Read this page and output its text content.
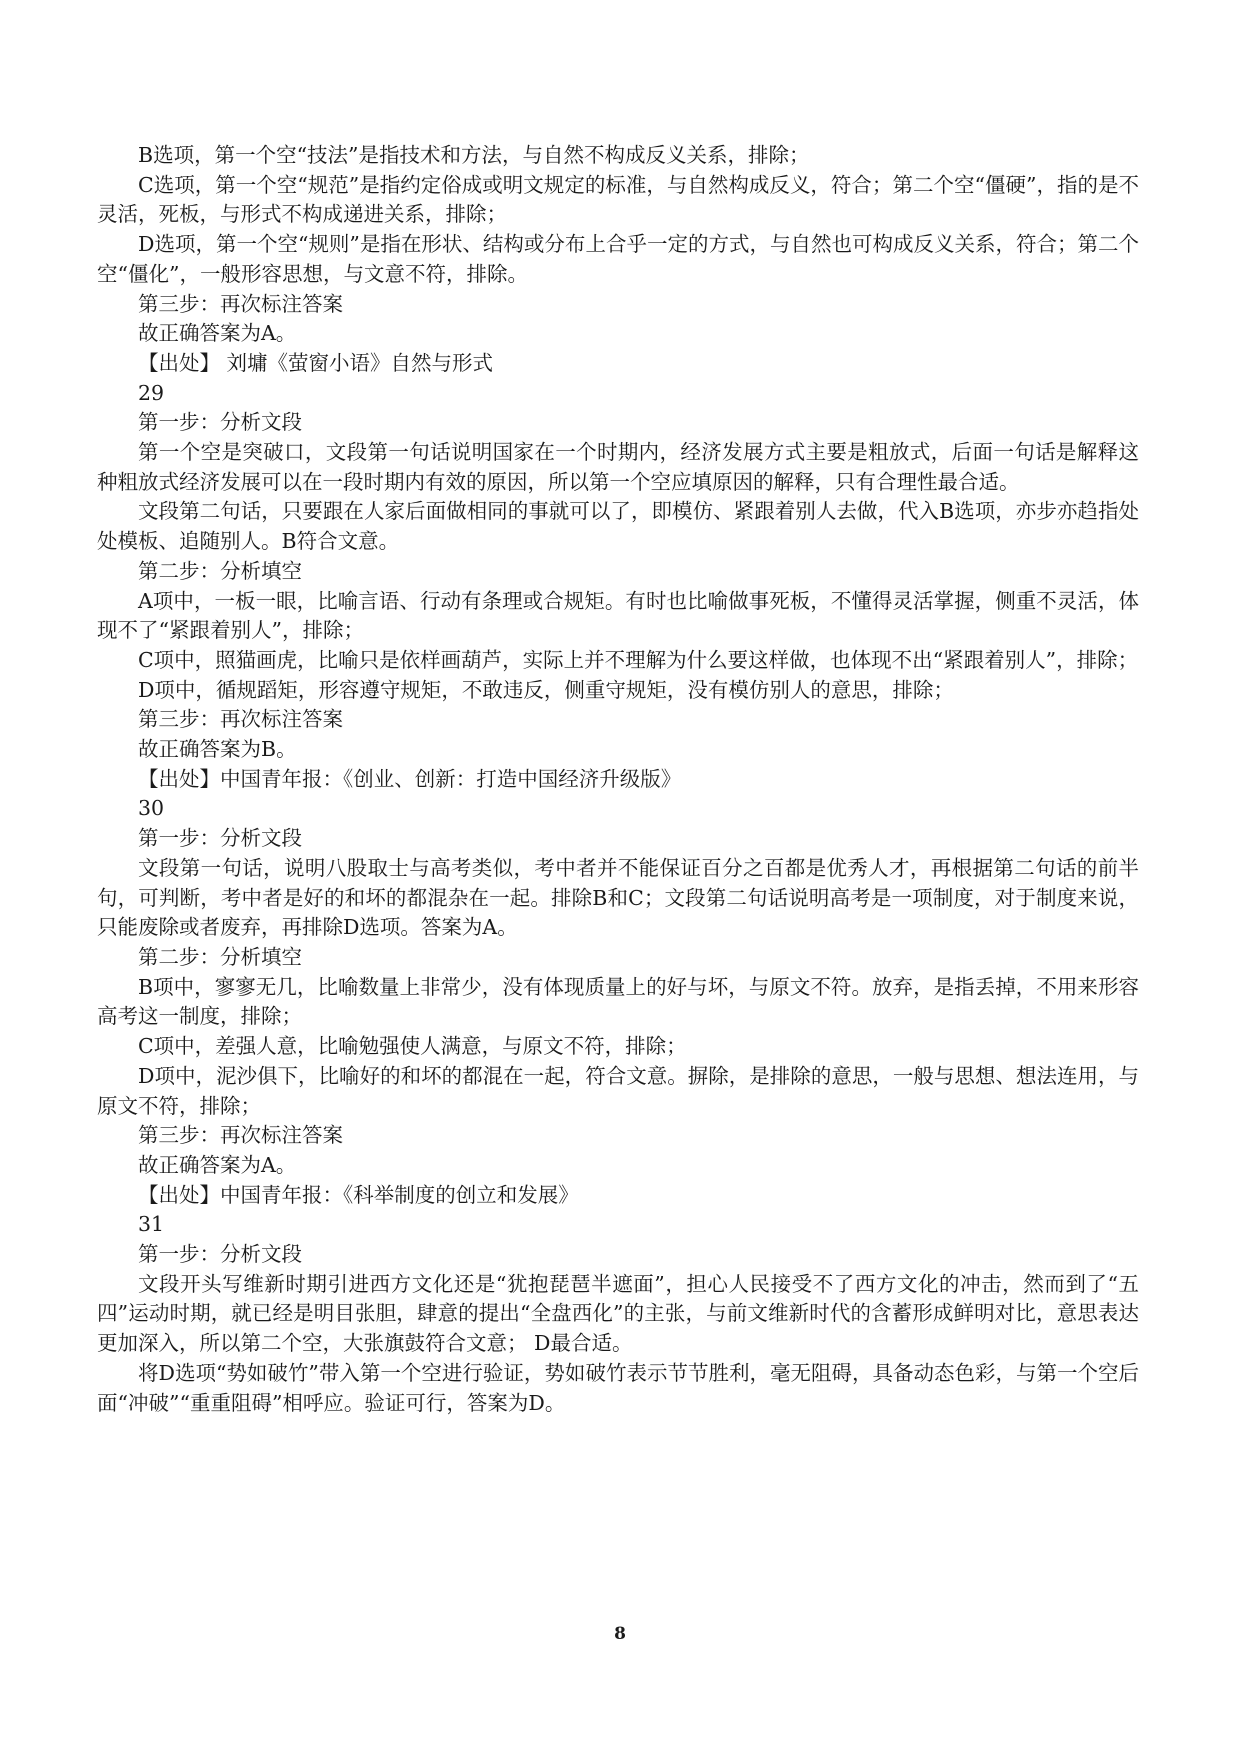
B选项，第一个空“技法”是指技术和方法，与自然不构成反义关系，排除；

C选项，第一个空“规范”是指约定俗成或明文规定的标准，与自然构成反义，符合；第二个空“僵硬”，指的是不灵活，死板，与形式不构成递进关系，排除；

D选项，第一个空“规则”是指在形状、结构或分布上合乎一定的方式，与自然也可构成反义关系，符合；第二个空“僵化”，一般形容思想，与文意不符，排除。

第三步：再次标注答案

故正确答案为A。

【出处】 刘墉《萤窗小语》自然与形式

29

第一步：分析文段

第一个空是突破口，文段第一句话说明国家在一个时期内，经济发展方式主要是粗放式，后面一句话是解释这种粗放式经济发展可以在一段时期内有效的原因，所以第一个空应填原因的解释，只有合理性最合适。

文段第二句话，只要跟在人家后面做相同的事就可以了，即模仿、紧跟着别人去做，代入B选项，亦步亦趋指处处模板、追随别人。B符合文意。

第二步：分析填空

A项中，一板一眼，比喻言语、行动有条理或合规矩。有时也比喻做事死板，不懂得灵活掌握，侧重不灵活，体现不了“紧跟着别人”，排除；

C项中，照猫画虎，比喻只是依样画葫芦，实际上并不理解为什么要这样做，也体现不出“紧跟着别人”，排除；

D项中，循规蹈矩，形容遵守规矩，不敢违反，侧重守规矩，没有模仿别人的意思，排除；

第三步：再次标注答案

故正确答案为B。

【出处】中国青年报：《创业、创新：打造中国经济升级版》

30

第一步：分析文段

文段第一句话，说明八股取士与高考类似，考中者并不能保证百分之百都是优秀人才，再根据第二句话的前半句，可判断，考中者是好的和坏的都混杂在一起。排除B和C；文段第二句话说明高考是一项制度，对于制度来说，只能废除或者废弃，再排除D选项。答案为A。

第二步：分析填空

B项中，寥寥无几，比喻数量上非常少，没有体现质量上的好与坏，与原文不符。放弃，是指丢掉，不用来形容高考这一制度，排除；

C项中，差强人意，比喻勉强使人满意，与原文不符，排除；

D项中，泥沙俱下，比喻好的和坏的都混在一起，符合文意。摒除，是排除的意思，一般与思想、想法连用，与原文不符，排除；

第三步：再次标注答案

故正确答案为A。

【出处】中国青年报：《科举制度的创立和发展》

31

第一步：分析文段

文段开头写维新时期引进西方文化还是“犹抱琵琶半遮面”，担心人民接受不了西方文化的冲击，然而到了“五四”运动时期，就已经是明目张胆，肆意的提出“全盘西化”的主张，与前文维新时代的含蓄形成鲜明对比，意思表达更加深入，所以第二个空，大张旗鼓符合文意； D最合适。

将D选项“势如破竹”带入第一个空进行验证，势如破竹表示节节胜利，毫无阻碍，具备动态色彩，与第一个空后面“冲破”“重重阻碍”相呼应。验证可行，答案为D。

8
